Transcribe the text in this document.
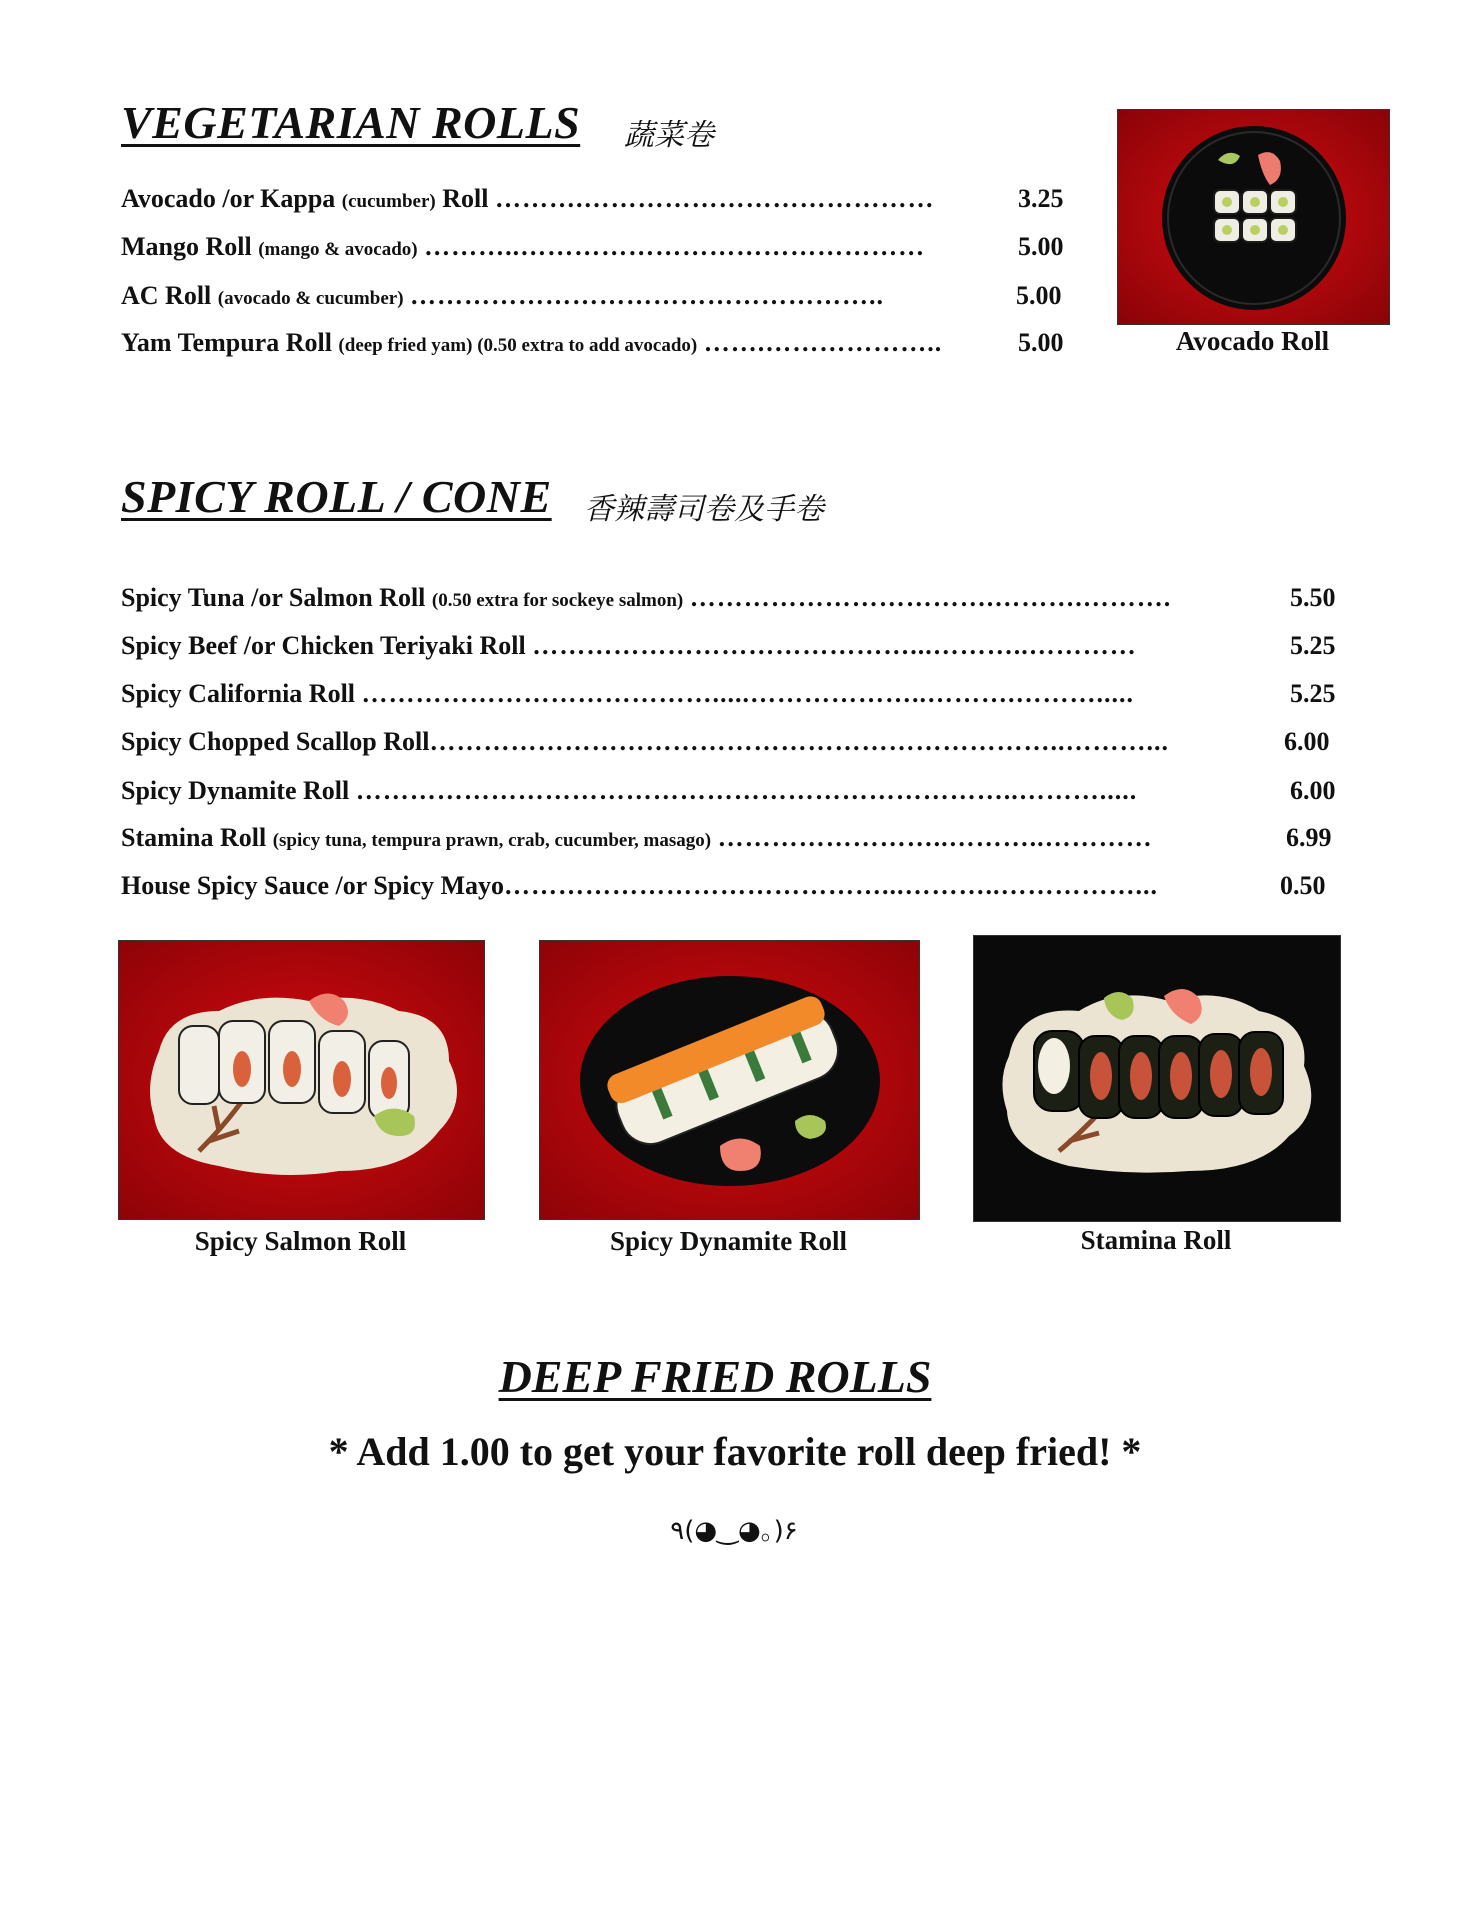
VEGETARIAN ROLLS 蔬菜卷
Avocado /or Kappa (cucumber) Roll ……….…………………………………	3.25
Mango Roll (mango & avocado) ………..………………………………………	5.00
AC Roll (avocado & cucumber) ……………………………………………..	5.00
Yam Tempura Roll (deep fried yam) (0.50 extra to add avocado) …….………………..	5.00	Avocado Roll
SPICY ROLL / CONE 香辣壽司卷及手卷
Spicy Tuna /or Salmon Roll (0.50 extra for sockeye salmon) …………………………….……….……….	5.50
Spicy Beef /or Chicken Teriyaki Roll ……………………………………...………..…………	5.25
Spicy California Roll ………………………………….....………………..……….……….....	5.25
Spicy Chopped Scallop Roll……………………………………………………………..………...	6.00
Spicy Dynamite Roll ………………………………………………………………..……….....	6.00
Stamina Roll (spicy tuna, tempura prawn, crab, cucumber, masago) ……………………..………..…………	6.99
House Spicy Sauce /or Spicy Mayo……………………………………...………..……………...	0.50
Spicy Salmon Roll	Spicy Dynamite Roll	Stamina Roll
DEEP FRIED ROLLS
* Add 1.00 to get your favorite roll deep fried! *
٩(◕‿◕｡)۶
